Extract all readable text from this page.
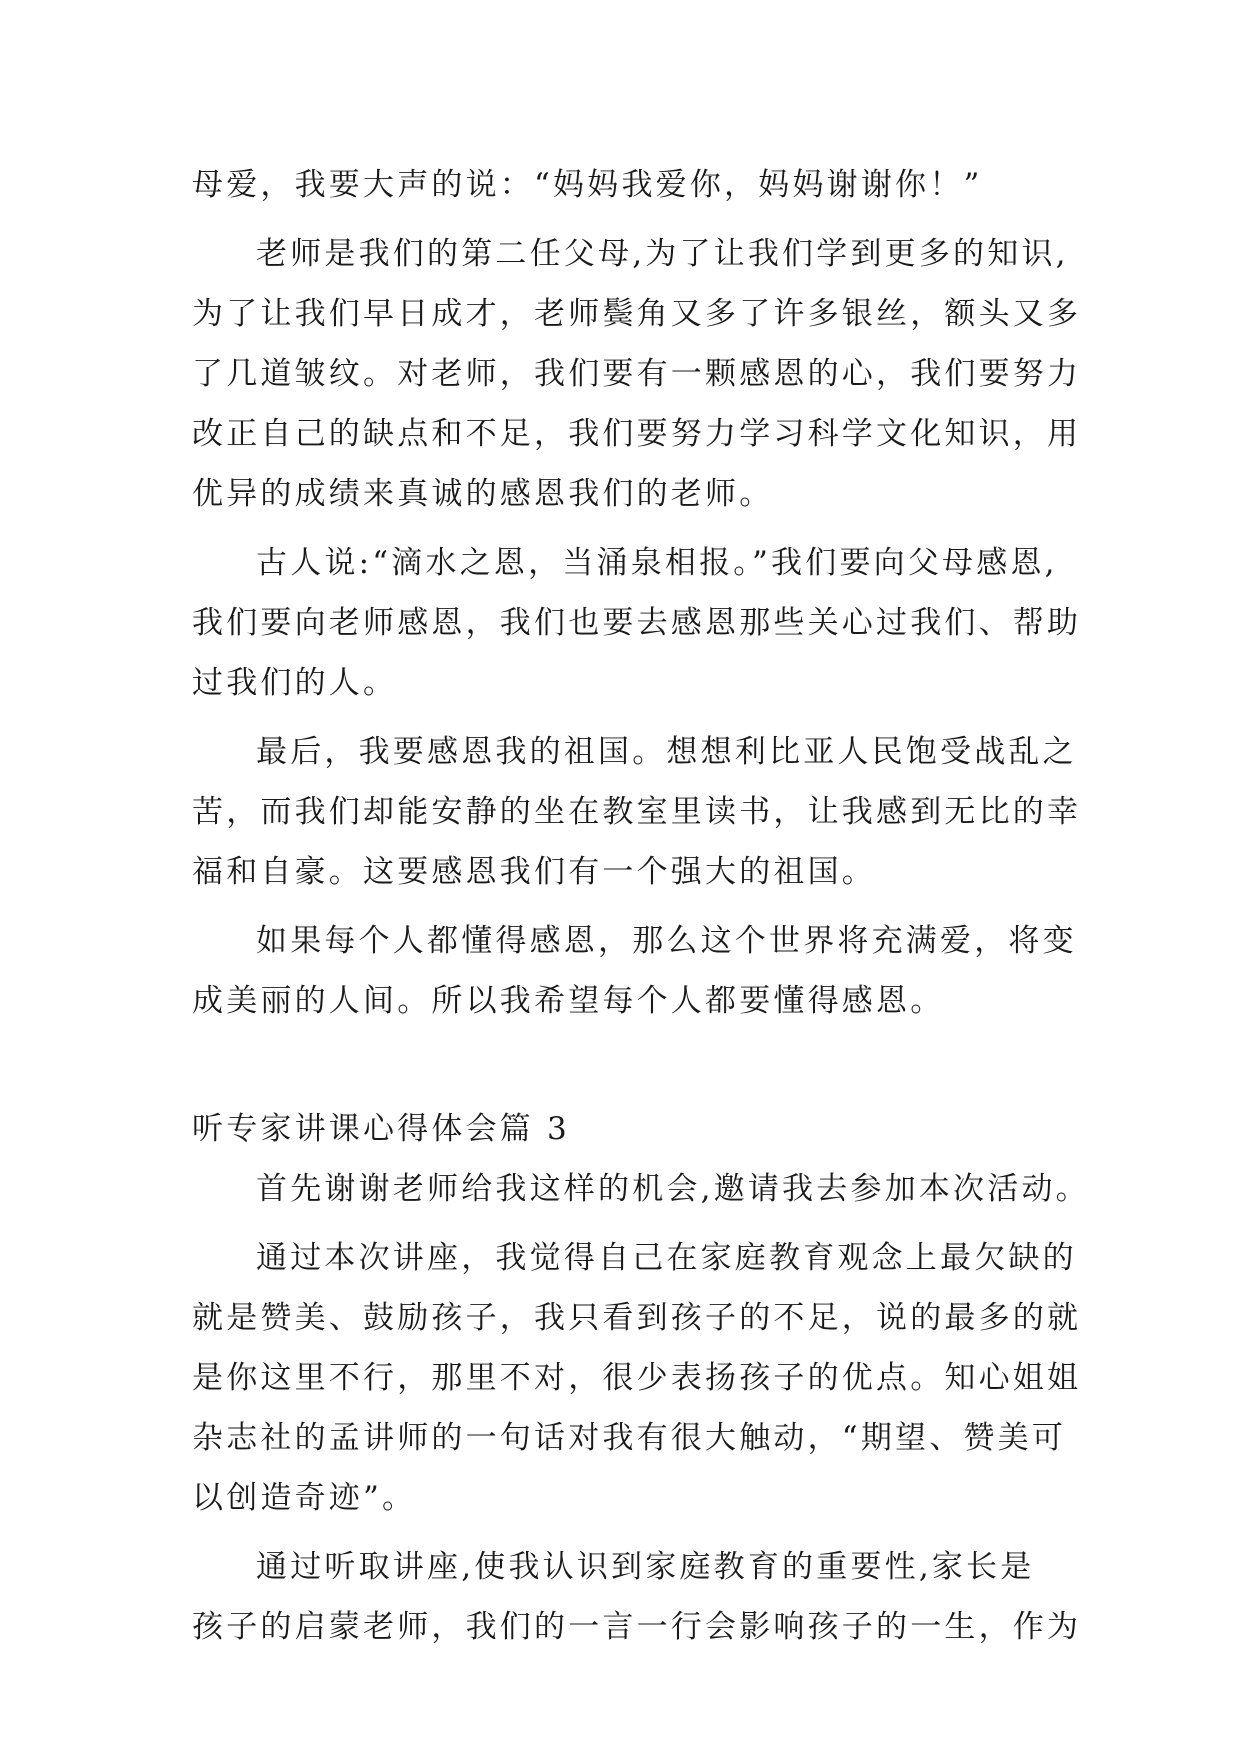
母爱，我要大声的说：“妈妈我爱你，妈妈谢谢你！”
老师是我们的第二任父母,为了让我们学到更多的知识,
为了让我们早日成才，老师鬓角又多了许多银丝，额头又多
了几道皱纹。对老师，我们要有一颗感恩的心，我们要努力
改正自己的缺点和不足，我们要努力学习科学文化知识，用
优异的成绩来真诚的感恩我们的老师。
古人说:“滴水之恩，当涌泉相报。”我们要向父母感恩,
我们要向老师感恩，我们也要去感恩那些关心过我们、帮助
过我们的人。
最后，我要感恩我的祖国。想想利比亚人民饱受战乱之
苦，而我们却能安静的坐在教室里读书，让我感到无比的幸
福和自豪。这要感恩我们有一个强大的祖国。
如果每个人都懂得感恩，那么这个世界将充满爱，将变
成美丽的人间。所以我希望每个人都要懂得感恩。
听专家讲课心得体会篇 3
首先谢谢老师给我这样的机会,邀请我去参加本次活动。
通过本次讲座，我觉得自己在家庭教育观念上最欠缺的
就是赞美、鼓励孩子，我只看到孩子的不足，说的最多的就
是你这里不行，那里不对，很少表扬孩子的优点。知心姐姐
杂志社的孟讲师的一句话对我有很大触动，“期望、赞美可
以创造奇迹”。
通过听取讲座,使我认识到家庭教育的重要性,家长是
孩子的启蒙老师，我们的一言一行会影响孩子的一生，作为
